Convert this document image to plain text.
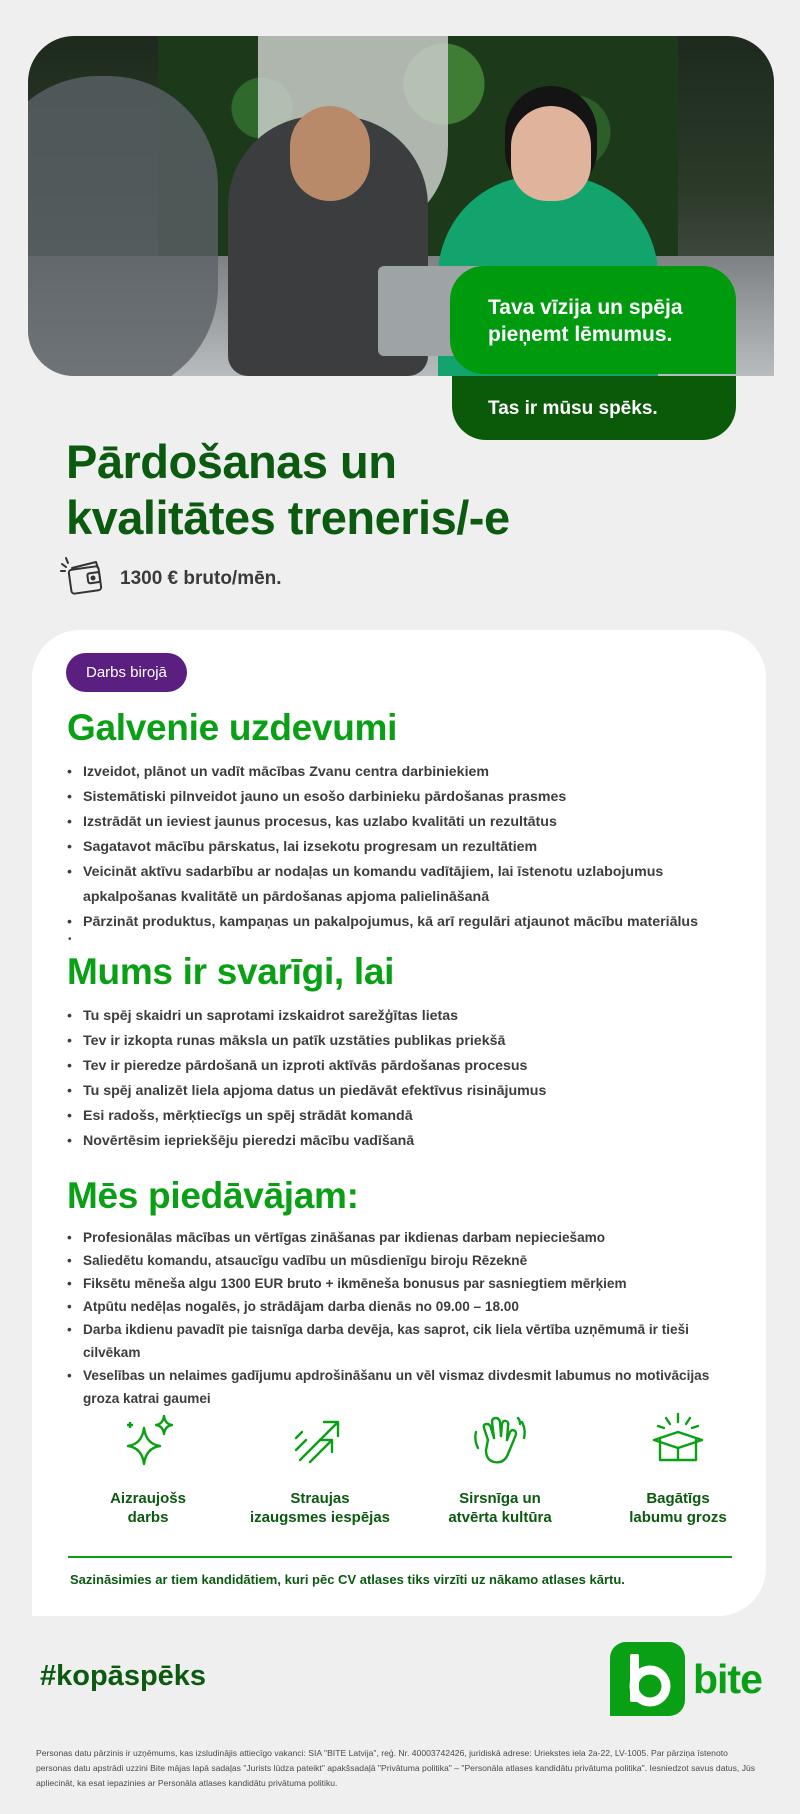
Tava vīzija un spēja
pieņemt lēmumus.
Tas ir mūsu spēks.
Pārdošanas un
kvalitātes treneris/-e
1300 € bruto/mēn.
Darbs birojā
Galvenie uzdevumi
• Izveidot, plānot un vadīt mācības Zvanu centra darbiniekiem
• Sistemātiski pilnveidot jauno un esošo darbinieku pārdošanas prasmes
• Izstrādāt un ieviest jaunus procesus, kas uzlabo kvalitāti un rezultātus
• Sagatavot mācību pārskatus, lai izsekotu progresam un rezultātiem
• Veicināt aktīvu sadarbību ar nodaļas un komandu vadītājiem, lai īstenotu uzlabojumus apkalpošanas kvalitātē un pārdošanas apjoma palielināšanā
• Pārzināt produktus, kampaņas un pakalpojumus, kā arī regulāri atjaunot mācību materiālus
•
Mums ir svarīgi, lai
• Tu spēj skaidri un saprotami izskaidrot sarežģītas lietas
• Tev ir izkopta runas māksla un patīk uzstāties publikas priekšā
• Tev ir pieredze pārdošanā un izproti aktīvās pārdošanas procesus
• Tu spēj analizēt liela apjoma datus un piedāvāt efektīvus risinājumus
• Esi radošs, mērķtiecīgs un spēj strādāt komandā
• Novērtēsim iepriekšēju pieredzi mācību vadīšanā
Mēs piedāvājam:
• Profesionālas mācības un vērtīgas zināšanas par ikdienas darbam nepieciešamo
• Saliedētu komandu, atsaucīgu vadību un mūsdienīgu biroju Rēzeknē
• Fiksētu mēneša algu 1300 EUR bruto + ikmēneša bonusus par sasniegtiem mērķiem
• Atpūtu nedēļas nogalēs, jo strādājam darba dienās no 09.00 – 18.00
• Darba ikdienu pavadīt pie taisnīga darba devēja, kas saprot, cik liela vērtība uzņēmumā ir tieši cilvēkam
• Veselības un nelaimes gadījumu apdrošināšanu un vēl vismaz divdesmit labumus no motivācijas groza katrai gaumei
Aizraujošs
darbs
Straujas
izaugsmes iespējas
Sirsnīga un
atvērta kultūra
Bagātīgs
labumu grozs
Sazināsimies ar tiem kandidātiem, kuri pēc CV atlases tiks virzīti uz nākamo atlases kārtu.
#kopāspēks	bite
Personas datu pārzinis ir uzņēmums, kas izsludinājis attiecīgo vakanci: SIA "BITE Latvija", reģ. Nr. 40003742426, juridiskā adrese: Uriekstes iela 2a-22, LV-1005. Par pārziņa īstenoto personas datu apstrādi uzzini Bite mājas lapā sadaļas "Jurists lūdza pateikt" apakšsadaļā "Privātuma politika" – "Personāla atlases kandidātu privātuma politika". Iesniedzot savus datus, Jūs apliecināt, ka esat iepazinies ar Personāla atlases kandidātu privātuma politiku.
